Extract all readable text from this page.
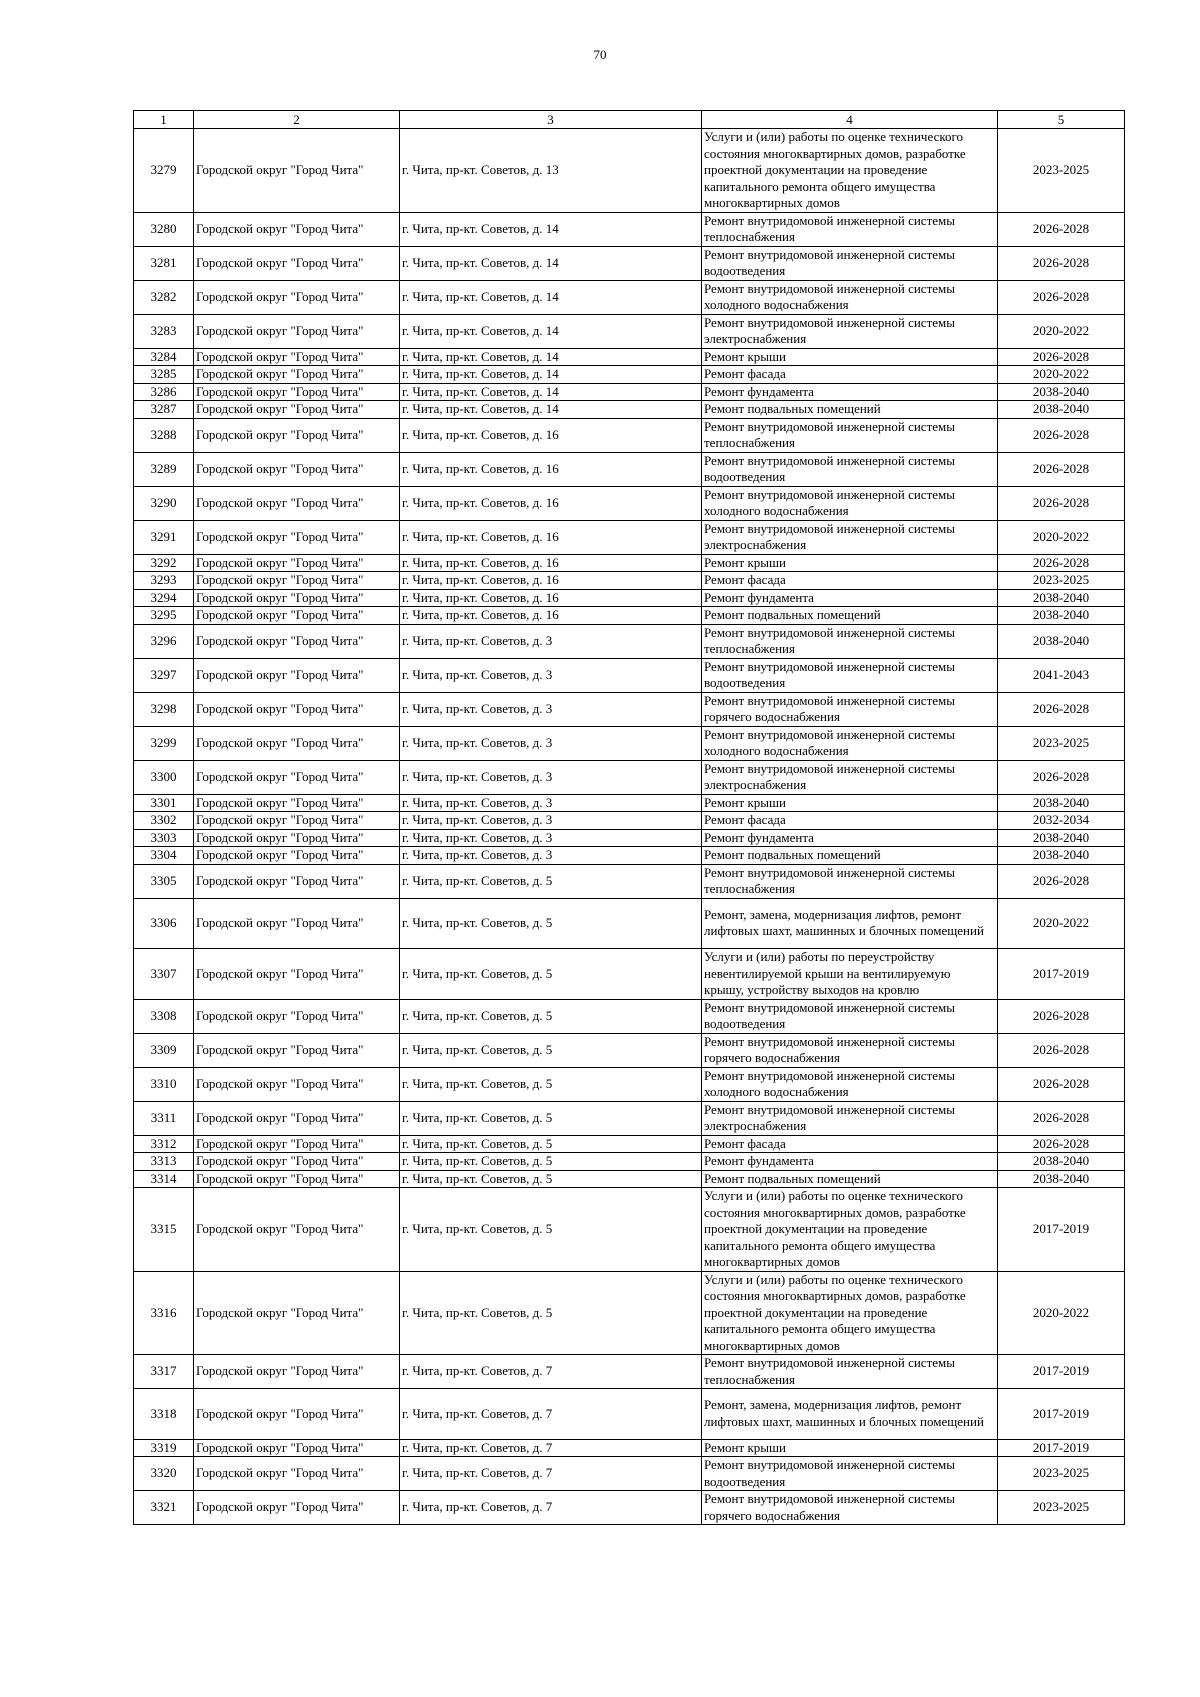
70
1	2	3	4	5
3279	Городской округ "Город Чита"	г. Чита, пр-кт. Советов, д. 13	Услуги и (или) работы по оценке технического
состояния многоквартирных домов, разработке
проектной документации на проведение
капитального ремонта общего имущества
многоквартирных домов	2023-2025
3280	Городской округ "Город Чита"	г. Чита, пр-кт. Советов, д. 14	Ремонт внутридомовой инженерной системы
теплоснабжения	2026-2028
3281	Городской округ "Город Чита"	г. Чита, пр-кт. Советов, д. 14	Ремонт внутридомовой инженерной системы
водоотведения	2026-2028
3282	Городской округ "Город Чита"	г. Чита, пр-кт. Советов, д. 14	Ремонт внутридомовой инженерной системы
холодного водоснабжения	2026-2028
3283	Городской округ "Город Чита"	г. Чита, пр-кт. Советов, д. 14	Ремонт внутридомовой инженерной системы
электроснабжения	2020-2022
3284	Городской округ "Город Чита"	г. Чита, пр-кт. Советов, д. 14	Ремонт крыши	2026-2028
3285	Городской округ "Город Чита"	г. Чита, пр-кт. Советов, д. 14	Ремонт фасада	2020-2022
3286	Городской округ "Город Чита"	г. Чита, пр-кт. Советов, д. 14	Ремонт фундамента	2038-2040
3287	Городской округ "Город Чита"	г. Чита, пр-кт. Советов, д. 14	Ремонт подвальных помещений	2038-2040
3288	Городской округ "Город Чита"	г. Чита, пр-кт. Советов, д. 16	Ремонт внутридомовой инженерной системы
теплоснабжения	2026-2028
3289	Городской округ "Город Чита"	г. Чита, пр-кт. Советов, д. 16	Ремонт внутридомовой инженерной системы
водоотведения	2026-2028
3290	Городской округ "Город Чита"	г. Чита, пр-кт. Советов, д. 16	Ремонт внутридомовой инженерной системы
холодного водоснабжения	2026-2028
3291	Городской округ "Город Чита"	г. Чита, пр-кт. Советов, д. 16	Ремонт внутридомовой инженерной системы
электроснабжения	2020-2022
3292	Городской округ "Город Чита"	г. Чита, пр-кт. Советов, д. 16	Ремонт крыши	2026-2028
3293	Городской округ "Город Чита"	г. Чита, пр-кт. Советов, д. 16	Ремонт фасада	2023-2025
3294	Городской округ "Город Чита"	г. Чита, пр-кт. Советов, д. 16	Ремонт фундамента	2038-2040
3295	Городской округ "Город Чита"	г. Чита, пр-кт. Советов, д. 16	Ремонт подвальных помещений	2038-2040
3296	Городской округ "Город Чита"	г. Чита, пр-кт. Советов, д. 3	Ремонт внутридомовой инженерной системы
теплоснабжения	2038-2040
3297	Городской округ "Город Чита"	г. Чита, пр-кт. Советов, д. 3	Ремонт внутридомовой инженерной системы
водоотведения	2041-2043
3298	Городской округ "Город Чита"	г. Чита, пр-кт. Советов, д. 3	Ремонт внутридомовой инженерной системы
горячего водоснабжения	2026-2028
3299	Городской округ "Город Чита"	г. Чита, пр-кт. Советов, д. 3	Ремонт внутридомовой инженерной системы
холодного водоснабжения	2023-2025
3300	Городской округ "Город Чита"	г. Чита, пр-кт. Советов, д. 3	Ремонт внутридомовой инженерной системы
электроснабжения	2026-2028
3301	Городской округ "Город Чита"	г. Чита, пр-кт. Советов, д. 3	Ремонт крыши	2038-2040
3302	Городской округ "Город Чита"	г. Чита, пр-кт. Советов, д. 3	Ремонт фасада	2032-2034
3303	Городской округ "Город Чита"	г. Чита, пр-кт. Советов, д. 3	Ремонт фундамента	2038-2040
3304	Городской округ "Город Чита"	г. Чита, пр-кт. Советов, д. 3	Ремонт подвальных помещений	2038-2040
3305	Городской округ "Город Чита"	г. Чита, пр-кт. Советов, д. 5	Ремонт внутридомовой инженерной системы
теплоснабжения	2026-2028
3306	Городской округ "Город Чита"	г. Чита, пр-кт. Советов, д. 5	Ремонт, замена, модернизация лифтов, ремонт
лифтовых шахт, машинных и блочных помещений	2020-2022
3307	Городской округ "Город Чита"	г. Чита, пр-кт. Советов, д. 5	Услуги и (или) работы по переустройству
невентилируемой крыши на вентилируемую
крышу, устройству выходов на кровлю	2017-2019
3308	Городской округ "Город Чита"	г. Чита, пр-кт. Советов, д. 5	Ремонт внутридомовой инженерной системы
водоотведения	2026-2028
3309	Городской округ "Город Чита"	г. Чита, пр-кт. Советов, д. 5	Ремонт внутридомовой инженерной системы
горячего водоснабжения	2026-2028
3310	Городской округ "Город Чита"	г. Чита, пр-кт. Советов, д. 5	Ремонт внутридомовой инженерной системы
холодного водоснабжения	2026-2028
3311	Городской округ "Город Чита"	г. Чита, пр-кт. Советов, д. 5	Ремонт внутридомовой инженерной системы
электроснабжения	2026-2028
3312	Городской округ "Город Чита"	г. Чита, пр-кт. Советов, д. 5	Ремонт фасада	2026-2028
3313	Городской округ "Город Чита"	г. Чита, пр-кт. Советов, д. 5	Ремонт фундамента	2038-2040
3314	Городской округ "Город Чита"	г. Чита, пр-кт. Советов, д. 5	Ремонт подвальных помещений	2038-2040
3315	Городской округ "Город Чита"	г. Чита, пр-кт. Советов, д. 5	Услуги и (или) работы по оценке технического
состояния многоквартирных домов, разработке
проектной документации на проведение
капитального ремонта общего имущества
многоквартирных домов	2017-2019
3316	Городской округ "Город Чита"	г. Чита, пр-кт. Советов, д. 5	Услуги и (или) работы по оценке технического
состояния многоквартирных домов, разработке
проектной документации на проведение
капитального ремонта общего имущества
многоквартирных домов	2020-2022
3317	Городской округ "Город Чита"	г. Чита, пр-кт. Советов, д. 7	Ремонт внутридомовой инженерной системы
теплоснабжения	2017-2019
3318	Городской округ "Город Чита"	г. Чита, пр-кт. Советов, д. 7	Ремонт, замена, модернизация лифтов, ремонт
лифтовых шахт, машинных и блочных помещений	2017-2019
3319	Городской округ "Город Чита"	г. Чита, пр-кт. Советов, д. 7	Ремонт крыши	2017-2019
3320	Городской округ "Город Чита"	г. Чита, пр-кт. Советов, д. 7	Ремонт внутридомовой инженерной системы
водоотведения	2023-2025
3321	Городской округ "Город Чита"	г. Чита, пр-кт. Советов, д. 7	Ремонт внутридомовой инженерной системы
горячего водоснабжения	2023-2025
